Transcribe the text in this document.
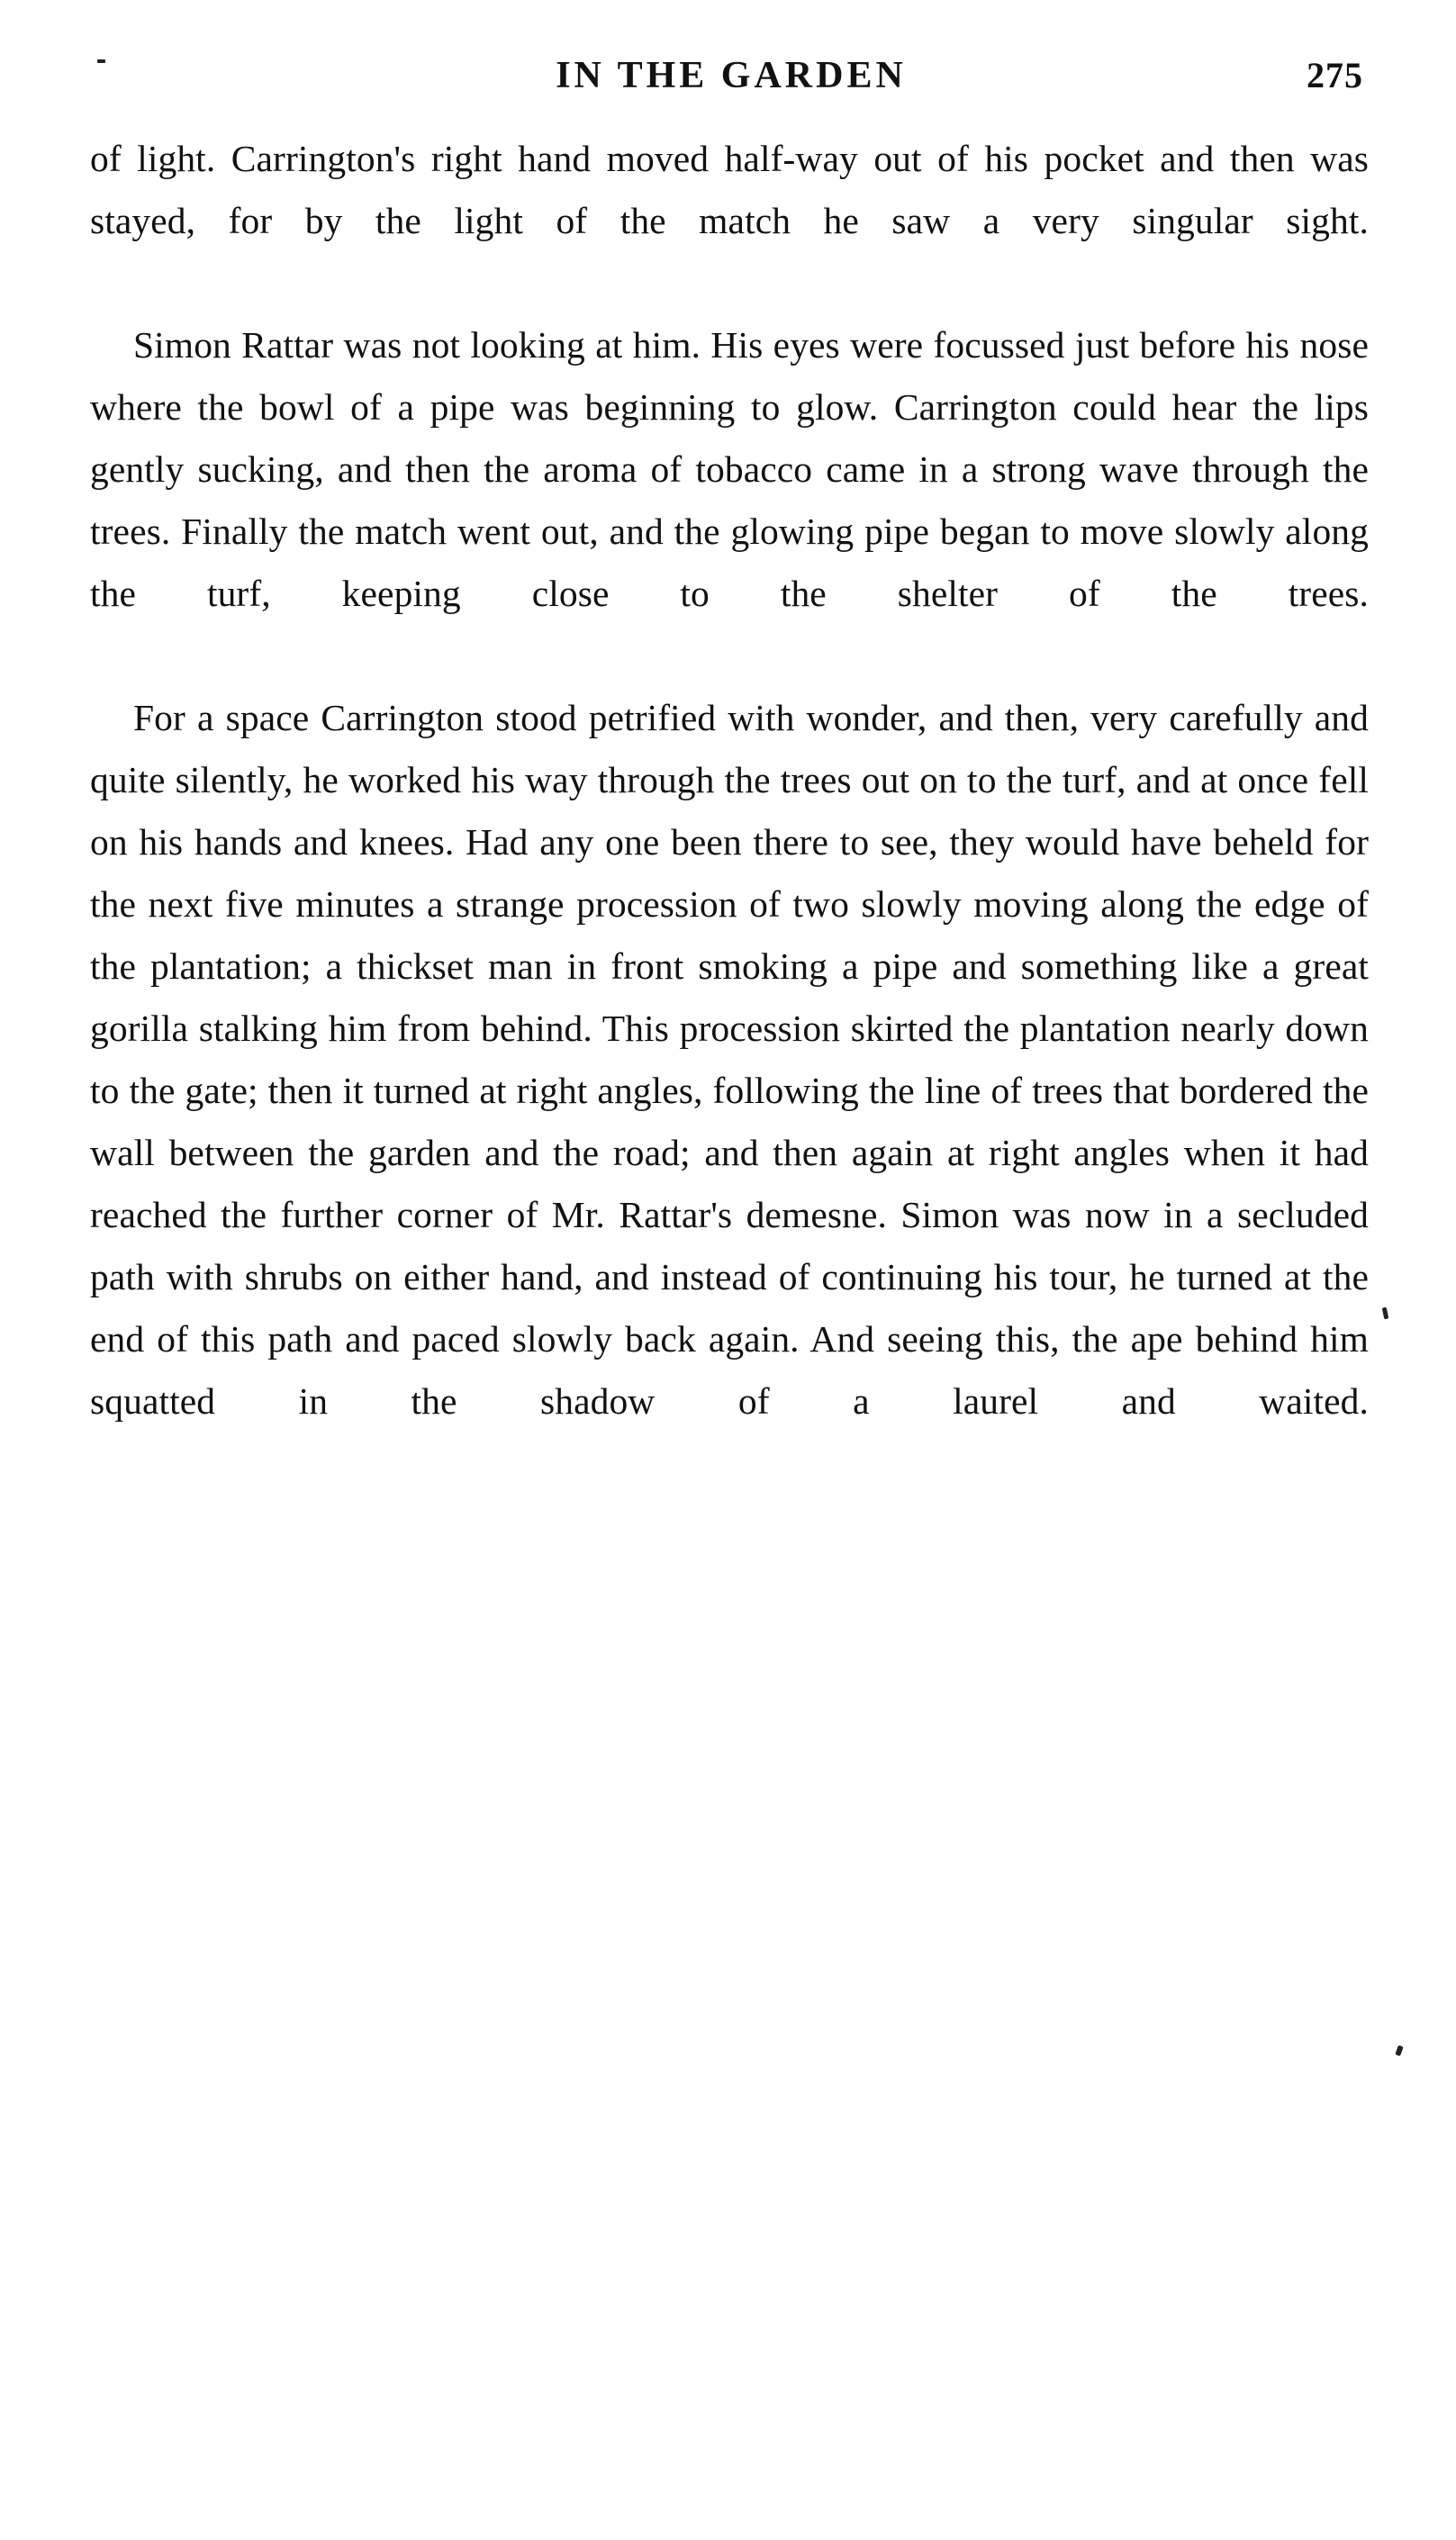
IN THE GARDEN	275

of light. Carrington's right hand moved half-way out of his pocket and then was stayed, for by the light of the match he saw a very singular sight.

Simon Rattar was not looking at him. His eyes were focussed just before his nose where the bowl of a pipe was beginning to glow. Carrington could hear the lips gently sucking, and then the aroma of tobacco came in a strong wave through the trees. Finally the match went out, and the glowing pipe began to move slowly along the turf, keeping close to the shelter of the trees.

For a space Carrington stood petrified with wonder, and then, very carefully and quite silently, he worked his way through the trees out on to the turf, and at once fell on his hands and knees. Had any one been there to see, they would have beheld for the next five minutes a strange procession of two slowly moving along the edge of the plantation; a thickset man in front smoking a pipe and something like a great gorilla stalking him from behind. This procession skirted the plantation nearly down to the gate; then it turned at right angles, following the line of trees that bordered the wall between the garden and the road; and then again at right angles when it had reached the further corner of Mr. Rattar's demesne. Simon was now in a secluded path with shrubs on either hand, and instead of continuing his tour, he turned at the end of this path and paced slowly back again. And seeing this, the ape behind him squatted in the shadow of a laurel and waited.
